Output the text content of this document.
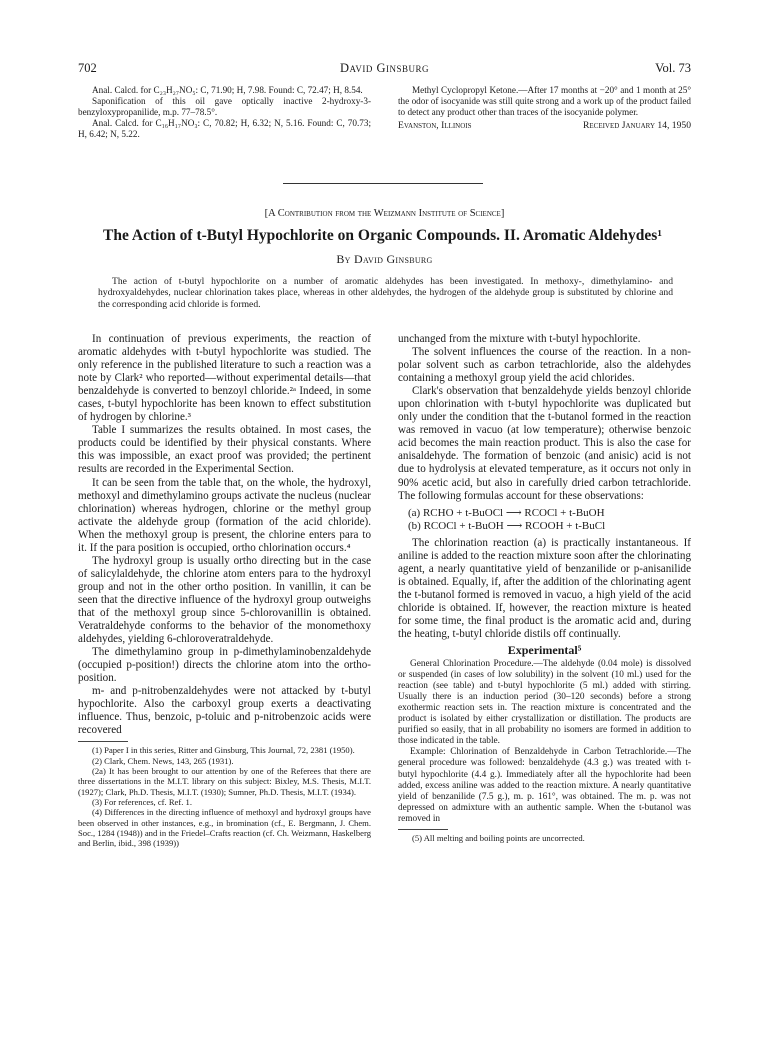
702	David Ginsburg	Vol. 73

Anal. Calcd. for C₂₃H₂₇NO₅: C, 71.90; H, 7.98. Found: C, 72.47; H, 8.54.

Saponification of this oil gave optically inactive 2-hydroxy-3-benzyloxypropanilide, m.p. 77–78.5°.

Anal. Calcd. for C₁₆H₁₇NO₃: C, 70.82; H, 6.32; N, 5.16. Found: C, 70.73; H, 6.42; N, 5.22.

Methyl Cyclopropyl Ketone.—After 17 months at −20° and 1 month at 25° the odor of isocyanide was still quite strong and a work up of the product failed to detect any product other than traces of the isocyanide polymer.

Evanston, Illinois	Received January 14, 1950
[A Contribution from the Weizmann Institute of Science]
The Action of t-Butyl Hypochlorite on Organic Compounds. II. Aromatic Aldehydes¹
By David Ginsburg
The action of t-butyl hypochlorite on a number of aromatic aldehydes has been investigated. In methoxy-, dimethylamino- and hydroxyaldehydes, nuclear chlorination takes place, whereas in other aldehydes, the hydrogen of the aldehyde group is substituted by chlorine and the corresponding acid chloride is formed.

In continuation of previous experiments, the reaction of aromatic aldehydes with t-butyl hypochlorite was studied. The only reference in the published literature to such a reaction was a note by Clark² who reported—without experimental details—that benzaldehyde is converted to benzoyl chloride.²ᵃ Indeed, in some cases, t-butyl hypochlorite has been known to effect substitution of hydrogen by chlorine.³

Table I summarizes the results obtained. In most cases, the products could be identified by their physical constants. Where this was impossible, an exact proof was provided; the pertinent results are recorded in the Experimental Section.

It can be seen from the table that, on the whole, the hydroxyl, methoxyl and dimethylamino groups activate the nucleus (nuclear chlorination) whereas hydrogen, chlorine or the methyl group activate the aldehyde group (formation of the acid chloride). When the methoxyl group is present, the chlorine enters para to it. If the para position is occupied, ortho chlorination occurs.⁴

The hydroxyl group is usually ortho directing but in the case of salicylaldehyde, the chlorine atom enters para to the hydroxyl group and not in the other ortho position. In vanillin, it can be seen that the directive influence of the hydroxyl group outweighs that of the methoxyl group since 5-chlorovanillin is obtained. Veratraldehyde conforms to the behavior of the monomethoxy aldehydes, yielding 6-chloroveratraldehyde.

The dimethylamino group in p-dimethylaminobenzaldehyde (occupied p-position!) directs the chlorine atom into the ortho-position.

m- and p-nitrobenzaldehydes were not attacked by t-butyl hypochlorite. Also the carboxyl group exerts a deactivating influence. Thus, benzoic, p-toluic and p-nitrobenzoic acids were recovered

(1) Paper I in this series, Ritter and Ginsburg, This Journal, 72, 2381 (1950).

(2) Clark, Chem. News, 143, 265 (1931).

(2a) It has been brought to our attention by one of the Referees that there are three dissertations in the M.I.T. library on this subject: Bixley, M.S. Thesis, M.I.T. (1927); Clark, Ph.D. Thesis, M.I.T. (1930); Sumner, Ph.D. Thesis, M.I.T. (1934).

(3) For references, cf. Ref. 1.

(4) Differences in the directing influence of methoxyl and hydroxyl groups have been observed in other instances, e.g., in bromination (cf., E. Bergmann, J. Chem. Soc., 1284 (1948)) and in the Friedel–Crafts reaction (cf. Ch. Weizmann, Haskelberg and Berlin, ibid., 398 (1939))

unchanged from the mixture with t-butyl hypochlorite.

The solvent influences the course of the reaction. In a non-polar solvent such as carbon tetrachloride, also the aldehydes containing a methoxyl group yield the acid chlorides.

Clark's observation that benzaldehyde yields benzoyl chloride upon chlorination with t-butyl hypochlorite was duplicated but only under the condition that the t-butanol formed in the reaction was removed in vacuo (at low temperature); otherwise benzoic acid becomes the main reaction product. This is also the case for anisaldehyde. The formation of benzoic (and anisic) acid is not due to hydrolysis at elevated temperature, as it occurs not only in 90% acetic acid, but also in carefully dried carbon tetrachloride. The following formulas account for these observations:

(a) RCHO + t-BuOCl ⟶ RCOCl + t-BuOH
(b) RCOCl + t-BuOH ⟶ RCOOH + t-BuCl

The chlorination reaction (a) is practically instantaneous. If aniline is added to the reaction mixture soon after the chlorinating agent, a nearly quantitative yield of benzanilide or p-anisanilide is obtained. Equally, if, after the addition of the chlorinating agent the t-butanol formed is removed in vacuo, a high yield of the acid chloride is obtained. If, however, the reaction mixture is heated for some time, the final product is the aromatic acid and, during the heating, t-butyl chloride distils off continually.

Experimental⁵

General Chlorination Procedure.—The aldehyde (0.04 mole) is dissolved or suspended (in cases of low solubility) in the solvent (10 ml.) used for the reaction (see table) and t-butyl hypochlorite (5 ml.) added with stirring. Usually there is an induction period (30–120 seconds) before a strong exothermic reaction sets in. The reaction mixture is concentrated and the product is isolated by either crystallization or distillation. The products are purified so easily, that in all probability no isomers are formed in addition to those indicated in the table.

Example: Chlorination of Benzaldehyde in Carbon Tetrachloride.—The general procedure was followed: benzaldehyde (4.3 g.) was treated with t-butyl hypochlorite (4.4 g.). Immediately after all the hypochlorite had been added, excess aniline was added to the reaction mixture. A nearly quantitative yield of benzanilide (7.5 g.), m. p. 161°, was obtained. The m. p. was not depressed on admixture with an authentic sample. When the t-butanol was removed in

(5) All melting and boiling points are uncorrected.
